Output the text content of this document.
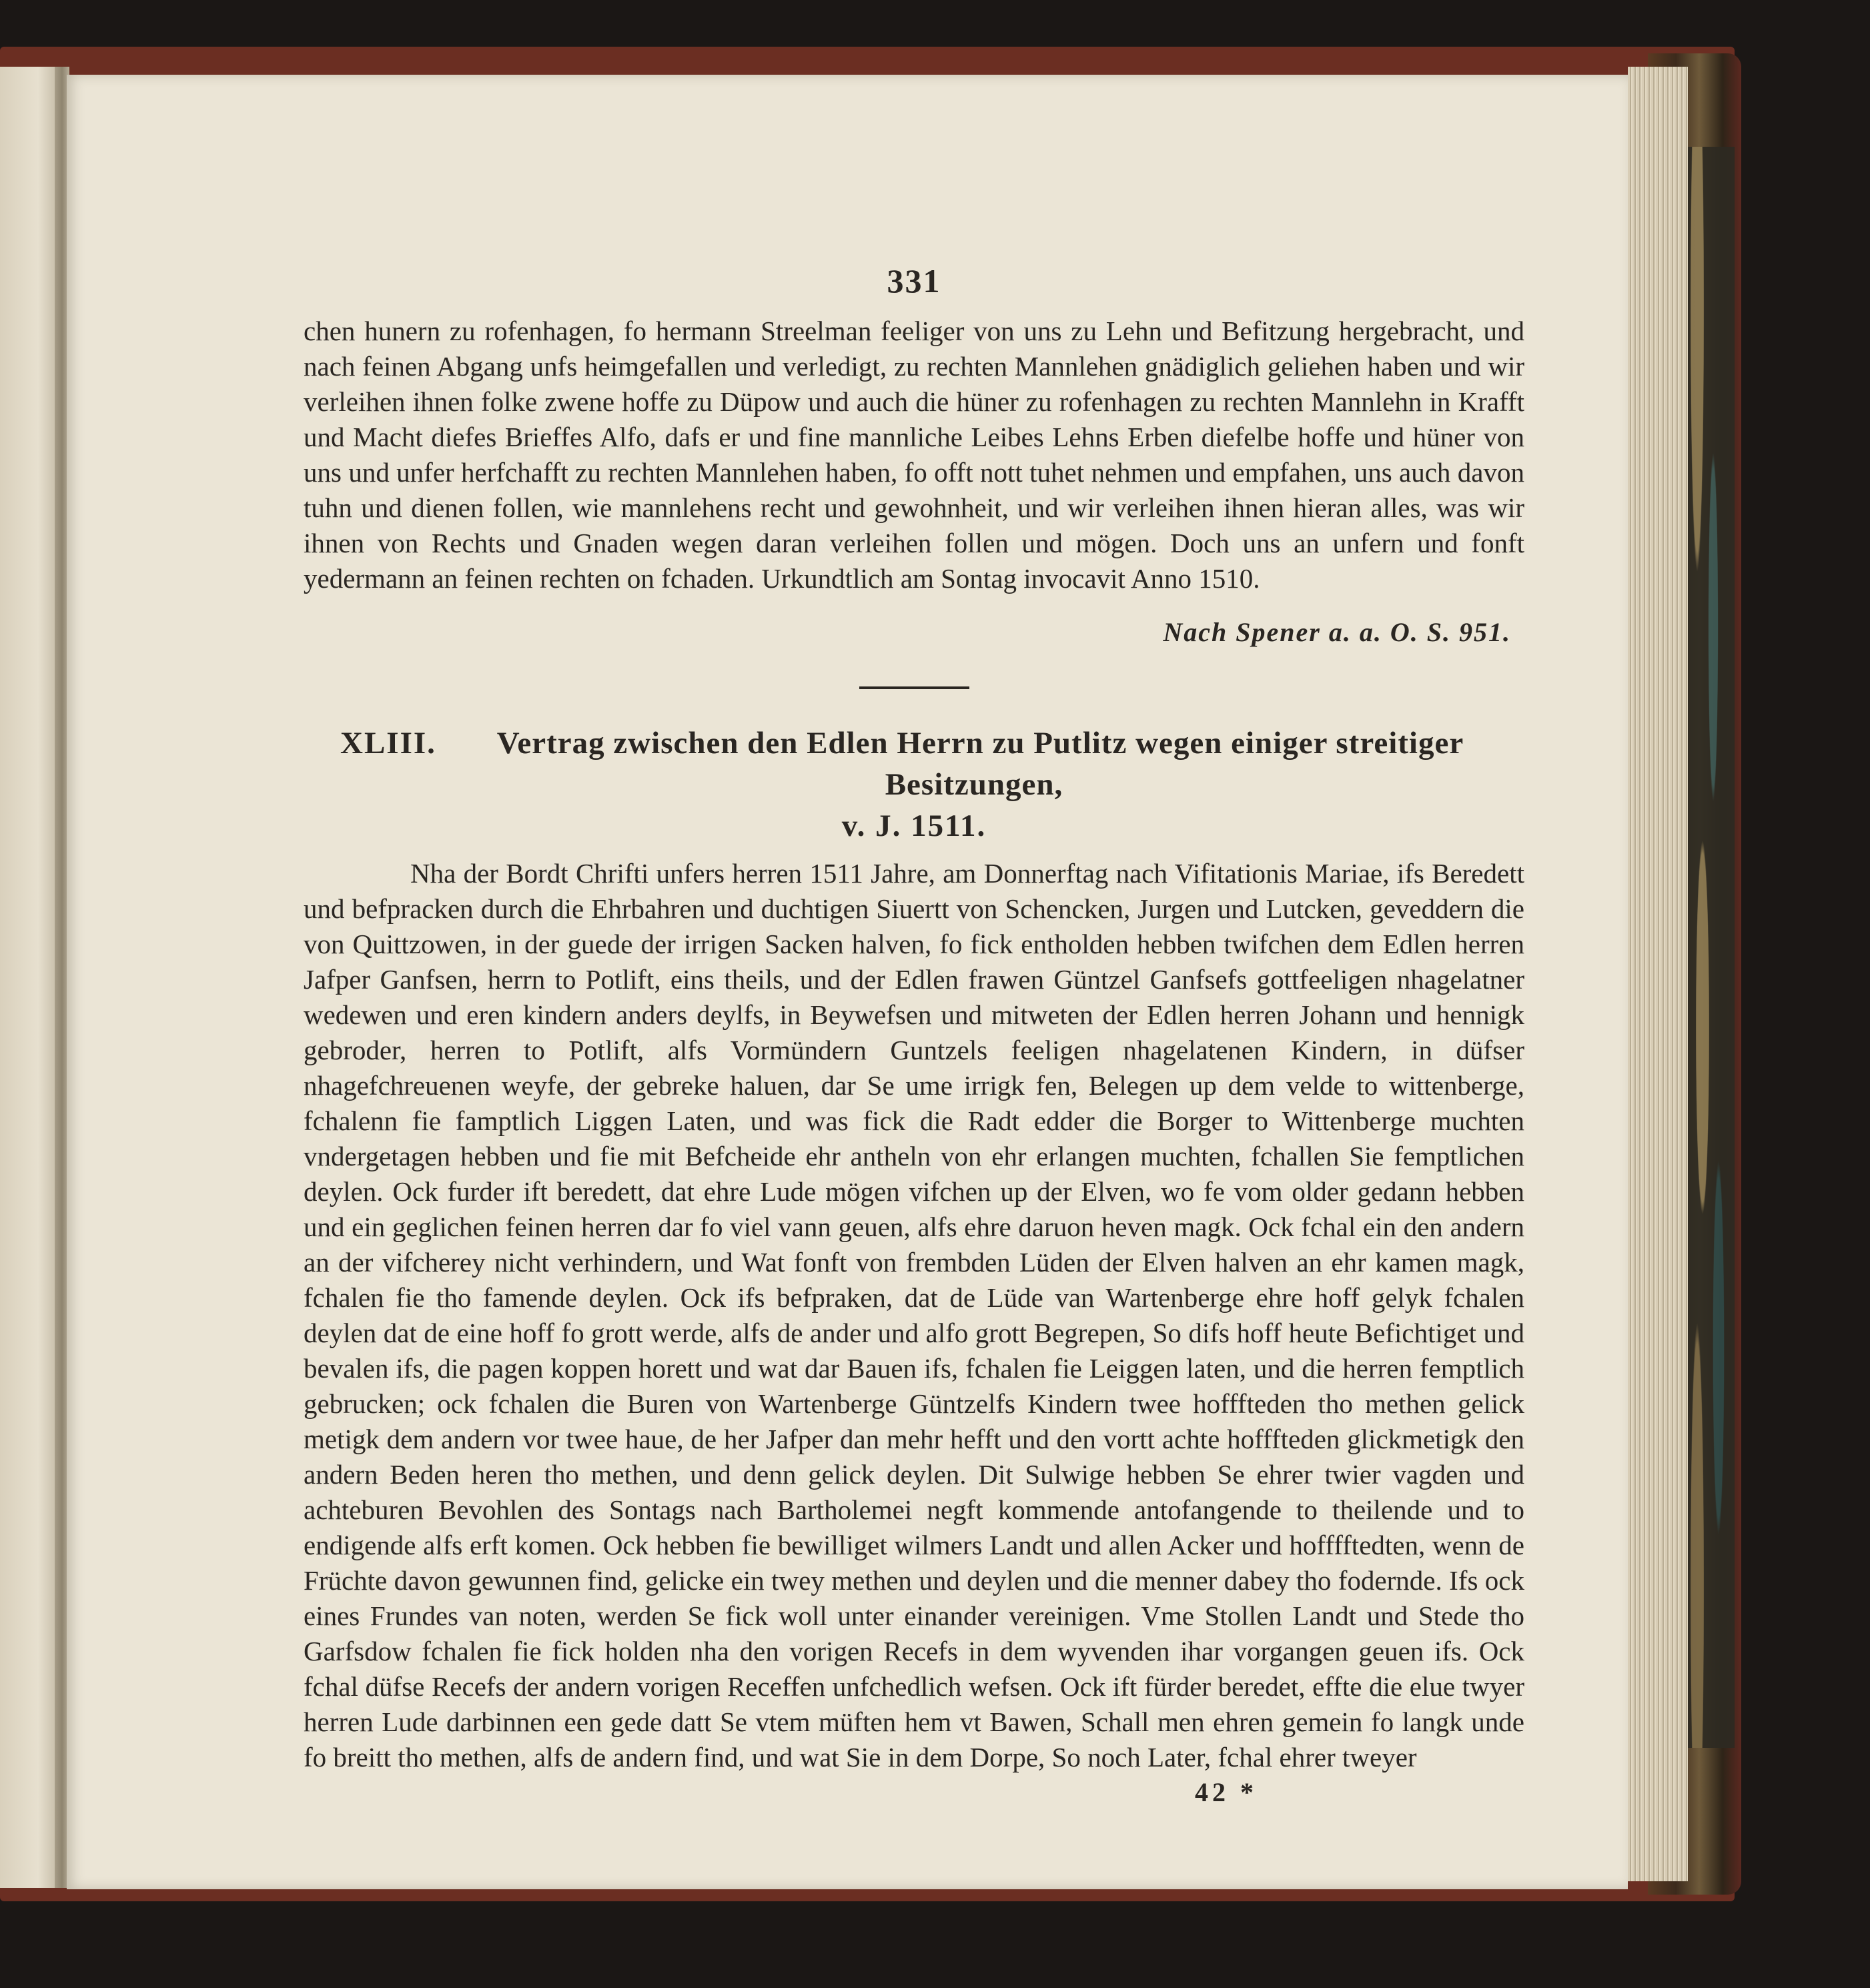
331

chen hunern zu rofenhagen, fo hermann Streelman feeliger von uns zu Lehn und Befitzung hergebracht, und nach feinen Abgang unfs heimgefallen und verledigt, zu rechten Mannlehen gnädiglich geliehen haben und wir verleihen ihnen folke zwene hoffe zu Düpow und auch die hüner zu rofenhagen zu rechten Mannlehn in Krafft und Macht diefes Brieffes Alfo, dafs er und fine mannliche Leibes Lehns Erben diefelbe hoffe und hüner von uns und unfer herfchafft zu rechten Mannlehen haben, fo offt nott tuhet nehmen und empfahen, uns auch davon tuhn und dienen follen, wie mannlehens recht und gewohnheit, und wir verleihen ihnen hieran alles, was wir ihnen von Rechts und Gnaden wegen daran verleihen follen und mögen. Doch uns an unfern und fonft yedermann an feinen rechten on fchaden. Urkundtlich am Sontag invocavit Anno 1510.

Nach Spener a. a. O. S. 951.
XLIII.	Vertrag zwischen den Edlen Herrn zu Putlitz wegen einiger streitiger Besitzungen,
v. J. 1511.

Nha der Bordt Chrifti unfers herren 1511 Jahre, am Donnerftag nach Vifitationis Mariae, ifs Beredett und befpracken durch die Ehrbahren und duchtigen Siuertt von Schencken, Jurgen und Lutcken, geveddern die von Quittzowen, in der guede der irrigen Sacken halven, fo fick entholden hebben twifchen dem Edlen herren Jafper Ganfsen, herrn to Potlift, eins theils, und der Edlen frawen Güntzel Ganfsefs gottfeeligen nhagelatner wedewen und eren kindern anders deylfs, in Beywefsen und mitweten der Edlen herren Johann und hennigk gebroder, herren to Potlift, alfs Vormündern Guntzels feeligen nhagelatenen Kindern, in düfser nhagefchreuenen weyfe, der gebreke haluen, dar Se ume irrigk fen, Belegen up dem velde to wittenberge, fchalenn fie famptlich Liggen Laten, und was fick die Radt edder die Borger to Wittenberge muchten vndergetagen hebben und fie mit Befcheide ehr antheln von ehr erlangen muchten, fchallen Sie femptlichen deylen. Ock furder ift beredett, dat ehre Lude mögen vifchen up der Elven, wo fe vom older gedann hebben und ein geglichen feinen herren dar fo viel vann geuen, alfs ehre daruon heven magk. Ock fchal ein den andern an der vifcherey nicht verhindern, und Wat fonft von frembden Lüden der Elven halven an ehr kamen magk, fchalen fie tho famende deylen. Ock ifs befpraken, dat de Lüde van Wartenberge ehre hoff gelyk fchalen deylen dat de eine hoff fo grott werde, alfs de ander und alfo grott Begrepen, So difs hoff heute Befichtiget und bevalen ifs, die pagen koppen horett und wat dar Bauen ifs, fchalen fie Leiggen laten, und die herren femptlich gebrucken; ock fchalen die Buren von Wartenberge Güntzelfs Kindern twee hofffteden tho methen gelick metigk dem andern vor twee haue, de her Jafper dan mehr hefft und den vortt achte hofffteden glickmetigk den andern Beden heren tho methen, und denn gelick deylen. Dit Sulwige hebben Se ehrer twier vagden und achteburen Bevohlen des Sontags nach Bartholemei negft kommende antofangende to theilende und to endigende alfs erft komen. Ock hebben fie bewilliget wilmers Landt und allen Acker und hofffftedten, wenn de Früchte davon gewunnen find, gelicke ein twey methen und deylen und die menner dabey tho fodernde. Ifs ock eines Frundes van noten, werden Se fick woll unter einander vereinigen. Vme Stollen Landt und Stede tho Garfsdow fchalen fie fick holden nha den vorigen Recefs in dem wyvenden ihar vorgangen geuen ifs. Ock fchal düfse Recefs der andern vorigen Receffen unfchedlich wefsen. Ock ift fürder beredet, effte die elue twyer herren Lude darbinnen een gede datt Se vtem müften hem vt Bawen, Schall men ehren gemein fo langk unde fo breitt tho methen, alfs de andern find, und wat Sie in dem Dorpe, So noch Later, fchal ehrer tweyer

42 *
